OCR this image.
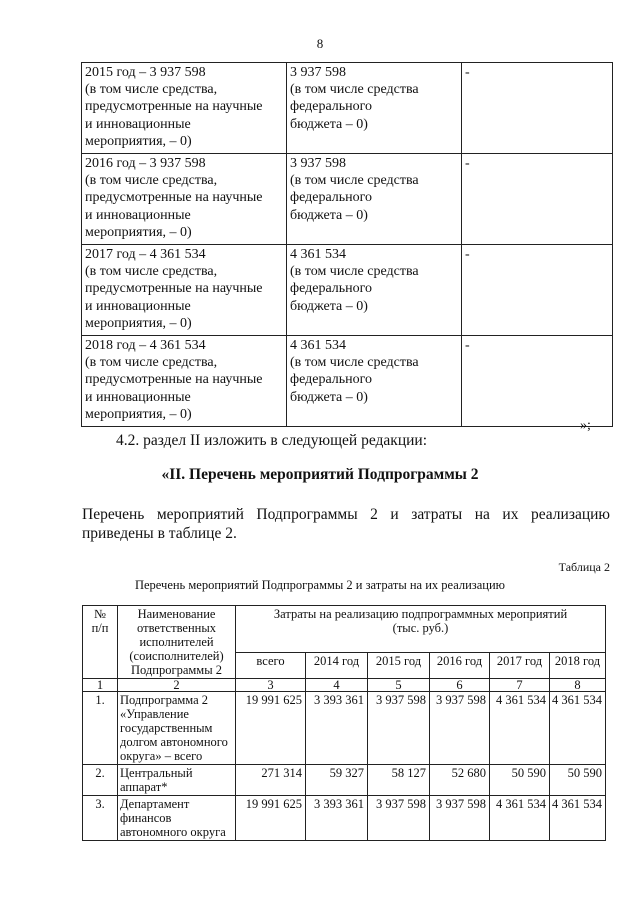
8
2015 год – 3 937 598
(в том числе средства,
предусмотренные на научные
и инновационные
мероприятия, – 0)	3 937 598
(в том числе средства
федерального
бюджета – 0)	-

2016 год – 3 937 598
(в том числе средства,
предусмотренные на научные
и инновационные
мероприятия, – 0)	3 937 598
(в том числе средства
федерального
бюджета – 0)	-

2017 год – 4 361 534
(в том числе средства,
предусмотренные на научные
и инновационные
мероприятия, – 0)	4 361 534
(в том числе средства
федерального
бюджета – 0)	-

2018 год – 4 361 534
(в том числе средства,
предусмотренные на научные
и инновационные
мероприятия, – 0)	4 361 534
(в том числе средства
федерального
бюджета – 0)	-
»;
4.2. раздел II изложить в следующей редакции:
«II. Перечень мероприятий Подпрограммы 2
Перечень мероприятий Подпрограммы 2 и затраты на их реализацию
приведены в таблице 2.
Таблица 2
Перечень мероприятий Подпрограммы 2 и затраты на их реализацию
№
п/п	Наименование
ответственных
исполнителей
(соисполнителей)
Подпрограммы 2	Затраты на реализацию подпрограммных мероприятий
(тыс. руб.)					

		всего	2014 год	2015 год	2016 год	2017 год	2018 год
1	2	3	4	5	6	7	8
1.	Подпрограмма 2
«Управление
государственным
долгом автономного
округа» – всего	19 991 625	3 393 361	3 937 598	3 937 598	4 361 534	4 361 534
2.	Центральный
аппарат*	271 314	59 327	58 127	52 680	50 590	50 590
3.	Департамент
финансов
автономного округа	19 991 625	3 393 361	3 937 598	3 937 598	4 361 534	4 361 534
